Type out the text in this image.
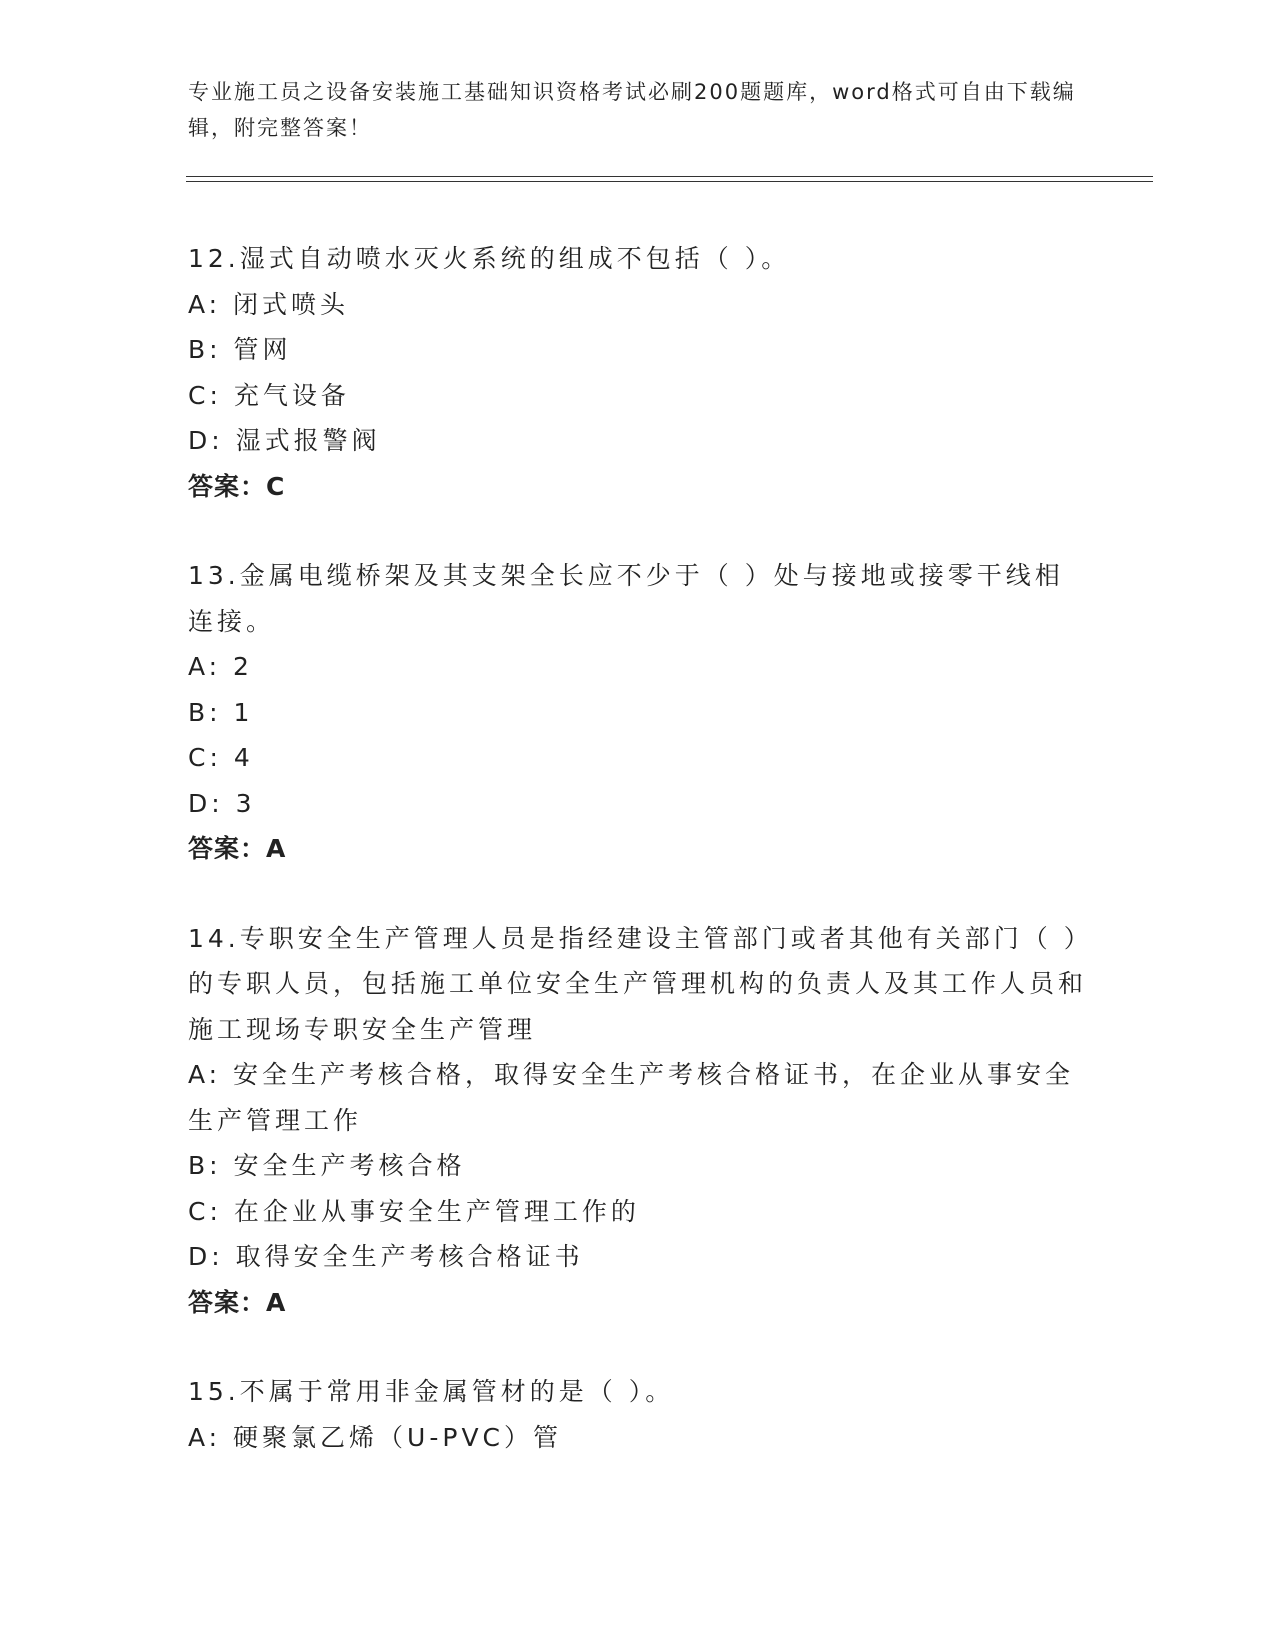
专业施工员之设备安装施工基础知识资格考试必刷200题题库，word格式可自由下载编辑，附完整答案！
12.湿式自动喷水灭火系统的组成不包括（ ）。
A: 闭式喷头
B: 管网
C: 充气设备
D: 湿式报警阀
答案：C
13.金属电缆桥架及其支架全长应不少于（ ）处与接地或接零干线相连接。
A: 2
B: 1
C: 4
D: 3
答案：A
14.专职安全生产管理人员是指经建设主管部门或者其他有关部门（ ）的专职人员，包括施工单位安全生产管理机构的负责人及其工作人员和施工现场专职安全生产管理
A: 安全生产考核合格，取得安全生产考核合格证书，在企业从事安全生产管理工作
B: 安全生产考核合格
C: 在企业从事安全生产管理工作的
D: 取得安全生产考核合格证书
答案：A
15.不属于常用非金属管材的是（ ）。
A: 硬聚氯乙烯（U-PVC）管
